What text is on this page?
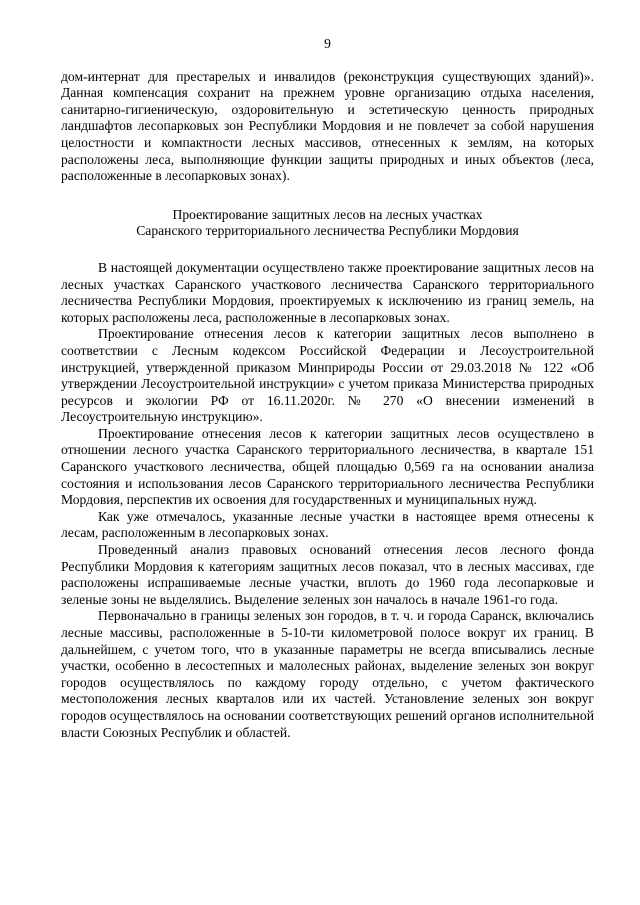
9

дом-интернат для престарелых и инвалидов (реконструкция существующих зданий)». Данная компенсация сохранит на прежнем уровне организацию отдыха населения, санитарно-гигиеническую, оздоровительную и эстетическую ценность природных ландшафтов лесопарковых зон Республики Мордовия и не повлечет за собой нарушения целостности и компактности лесных массивов, отнесенных к землям, на которых расположены леса, выполняющие функции защиты природных и иных объектов (леса, расположенные в лесопарковых зонах).

Проектирование защитных лесов на лесных участках
Саранского территориального лесничества Республики Мордовия

В настоящей документации осуществлено также проектирование защитных лесов на лесных участках Саранского участкового лесничества Саранского территориального лесничества Республики Мордовия, проектируемых к исключению из границ земель, на которых расположены леса, расположенные в лесопарковых зонах.

Проектирование отнесения лесов к категории защитных лесов выполнено в соответствии с Лесным кодексом Российской Федерации и Лесоустроительной инструкцией, утвержденной приказом Минприроды России от 29.03.2018 № 122 «Об утверждении Лесоустроительной инструкции» с учетом приказа Министерства природных ресурсов и экологии РФ от 16.11.2020г. № 270 «О внесении изменений в Лесоустроительную инструкцию».

Проектирование отнесения лесов к категории защитных лесов осуществлено в отношении лесного участка Саранского территориального лесничества, в квартале 151 Саранского участкового лесничества, общей площадью 0,569 га на основании анализа состояния и использования лесов Саранского территориального лесничества Республики Мордовия, перспектив их освоения для государственных и муниципальных нужд.

Как уже отмечалось, указанные лесные участки в настоящее время отнесены к лесам, расположенным в лесопарковых зонах.

Проведенный анализ правовых оснований отнесения лесов лесного фонда Республики Мордовия к категориям защитных лесов показал, что в лесных массивах, где расположены испрашиваемые лесные участки, вплоть до 1960 года лесопарковые и зеленые зоны не выделялись. Выделение зеленых зон началось в начале 1961-го года.

Первоначально в границы зеленых зон городов, в т. ч. и города Саранск, включались лесные массивы, расположенные в 5-10-ти километровой полосе вокруг их границ. В дальнейшем, с учетом того, что в указанные параметры не всегда вписывались лесные участки, особенно в лесостепных и малолесных районах, выделение зеленых зон вокруг городов осуществлялось по каждому городу отдельно, с учетом фактического местоположения лесных кварталов или их частей. Установление зеленых зон вокруг городов осуществлялось на основании соответствующих решений органов исполнительной власти Союзных Республик и областей.
